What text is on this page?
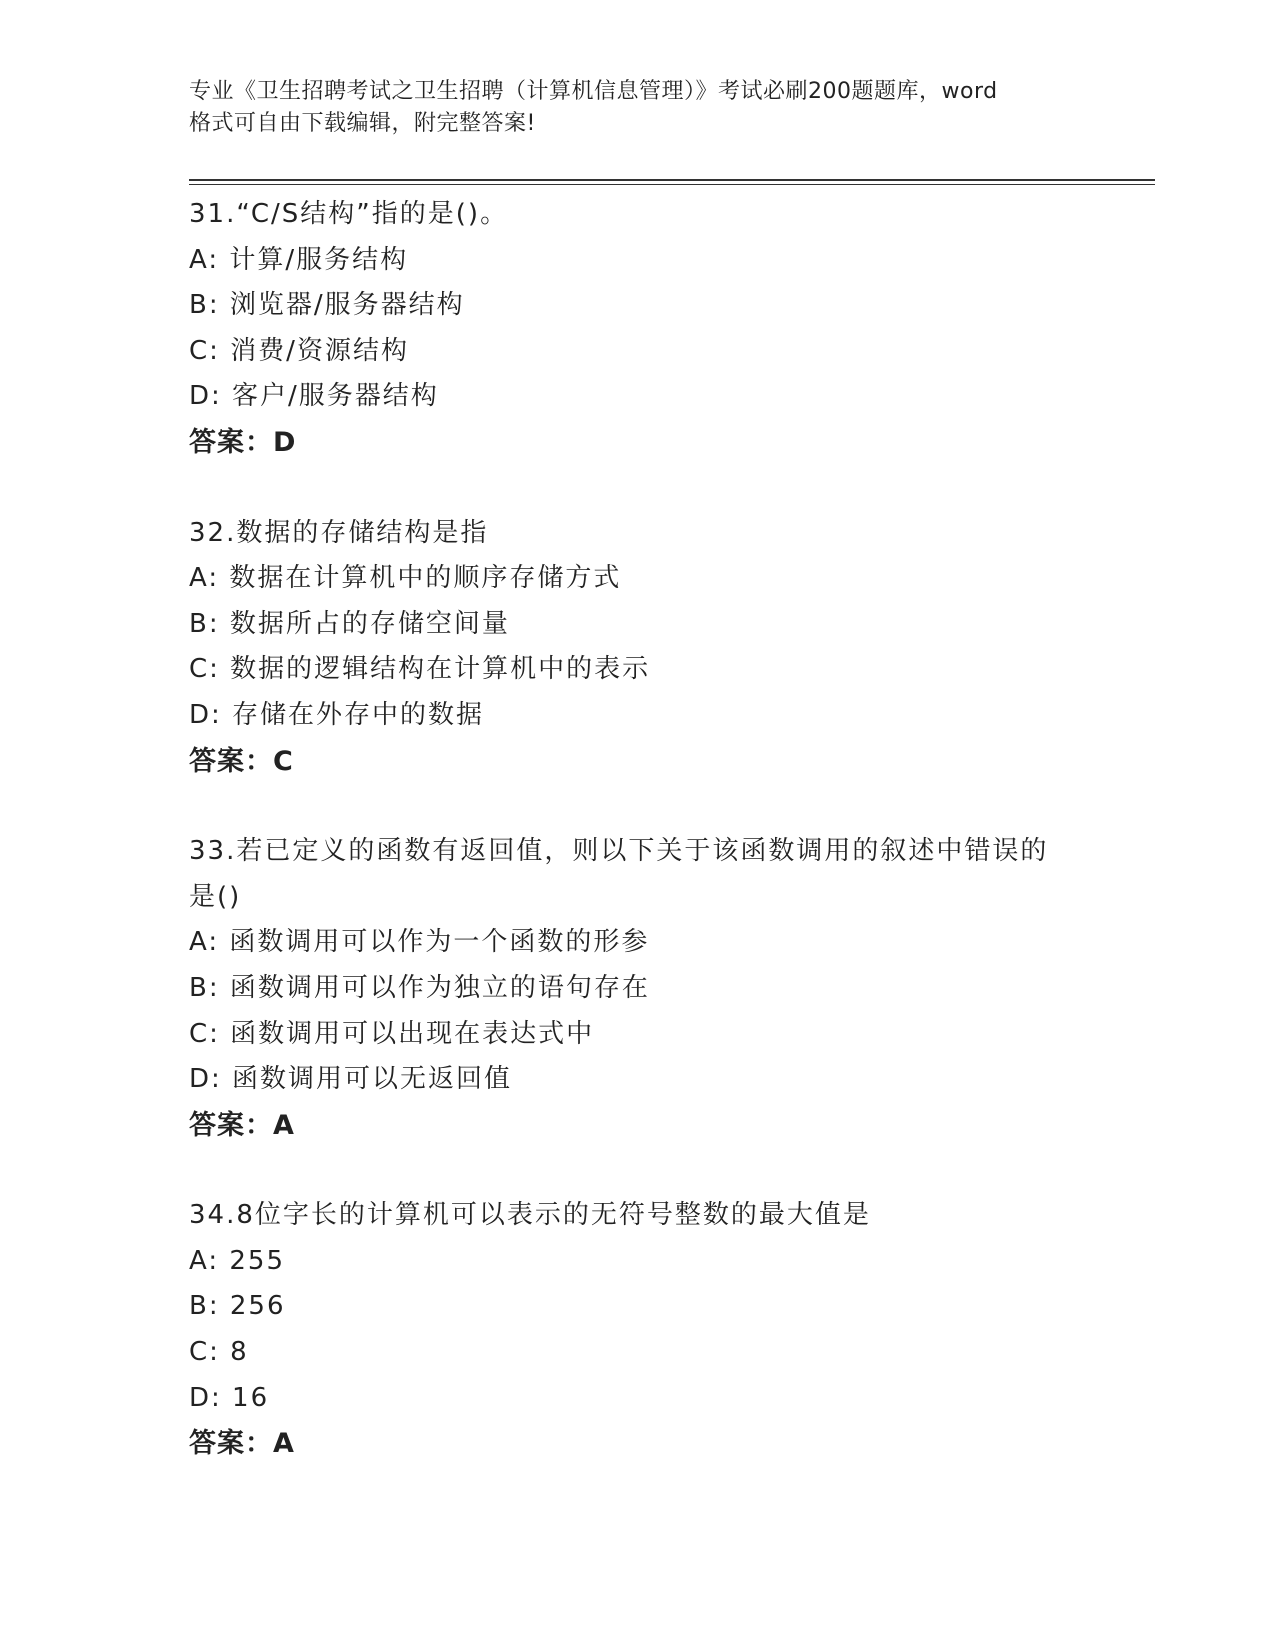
专业《卫生招聘考试之卫生招聘（计算机信息管理）》考试必刷200题题库，word
格式可自由下载编辑，附完整答案!
31.“C/S结构”指的是()。
A: 计算/服务结构
B: 浏览器/服务器结构
C: 消费/资源结构
D: 客户/服务器结构
答案：D
32.数据的存储结构是指
A: 数据在计算机中的顺序存储方式
B: 数据所占的存储空间量
C: 数据的逻辑结构在计算机中的表示
D: 存储在外存中的数据
答案：C
33.若已定义的函数有返回值，则以下关于该函数调用的叙述中错误的
是()
A: 函数调用可以作为一个函数的形参
B: 函数调用可以作为独立的语句存在
C: 函数调用可以出现在表达式中
D: 函数调用可以无返回值
答案：A
34.8位字长的计算机可以表示的无符号整数的最大值是
A: 255
B: 256
C: 8
D: 16
答案：A
